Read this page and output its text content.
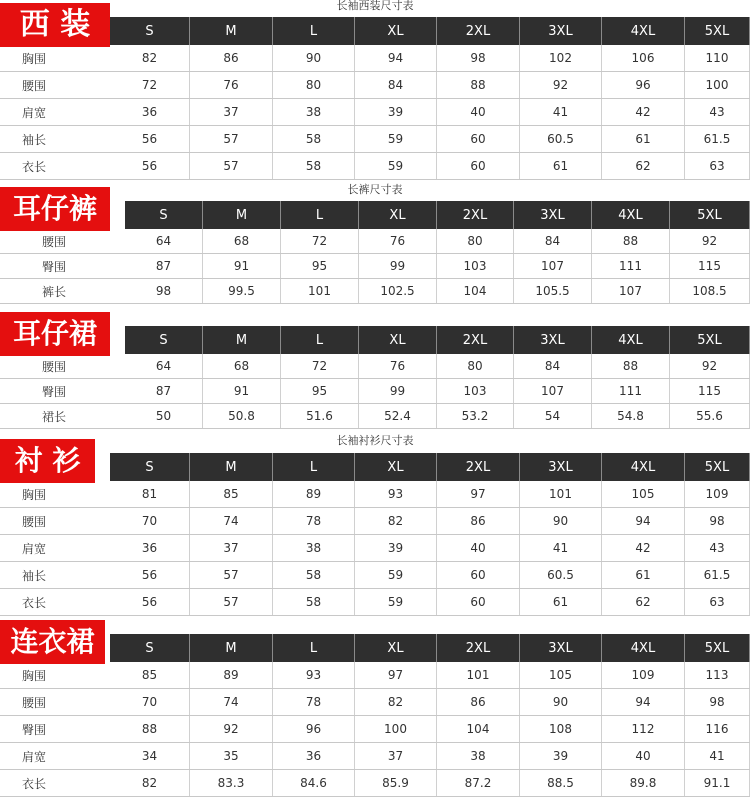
长袖西装尺寸表
西 装	S	M	L	XL	2XL	3XL	4XL	5XL
胸围	82	86	90	94	98	102	106	110
腰围	72	76	80	84	88	92	96	100
肩宽	36	37	38	39	40	41	42	43
袖长	56	57	58	59	60	60.5	61	61.5
衣长	56	57	58	59	60	61	62	63
长裤尺寸表
耳仔裤	S	M	L	XL	2XL	3XL	4XL	5XL
腰围	64	68	72	76	80	84	88	92
臀围	87	91	95	99	103	107	111	115
裤长	98	99.5	101	102.5	104	105.5	107	108.5
耳仔裙	S	M	L	XL	2XL	3XL	4XL	5XL
腰围	64	68	72	76	80	84	88	92
臀围	87	91	95	99	103	107	111	115
裙长	50	50.8	51.6	52.4	53.2	54	54.8	55.6
长袖衬衫尺寸表
衬 衫	S	M	L	XL	2XL	3XL	4XL	5XL
胸围	81	85	89	93	97	101	105	109
腰围	70	74	78	82	86	90	94	98
肩宽	36	37	38	39	40	41	42	43
袖长	56	57	58	59	60	60.5	61	61.5
衣长	56	57	58	59	60	61	62	63
连衣裙	S	M	L	XL	2XL	3XL	4XL	5XL
胸围	85	89	93	97	101	105	109	113
腰围	70	74	78	82	86	90	94	98
臀围	88	92	96	100	104	108	112	116
肩宽	34	35	36	37	38	39	40	41
衣长	82	83.3	84.6	85.9	87.2	88.5	89.8	91.1
